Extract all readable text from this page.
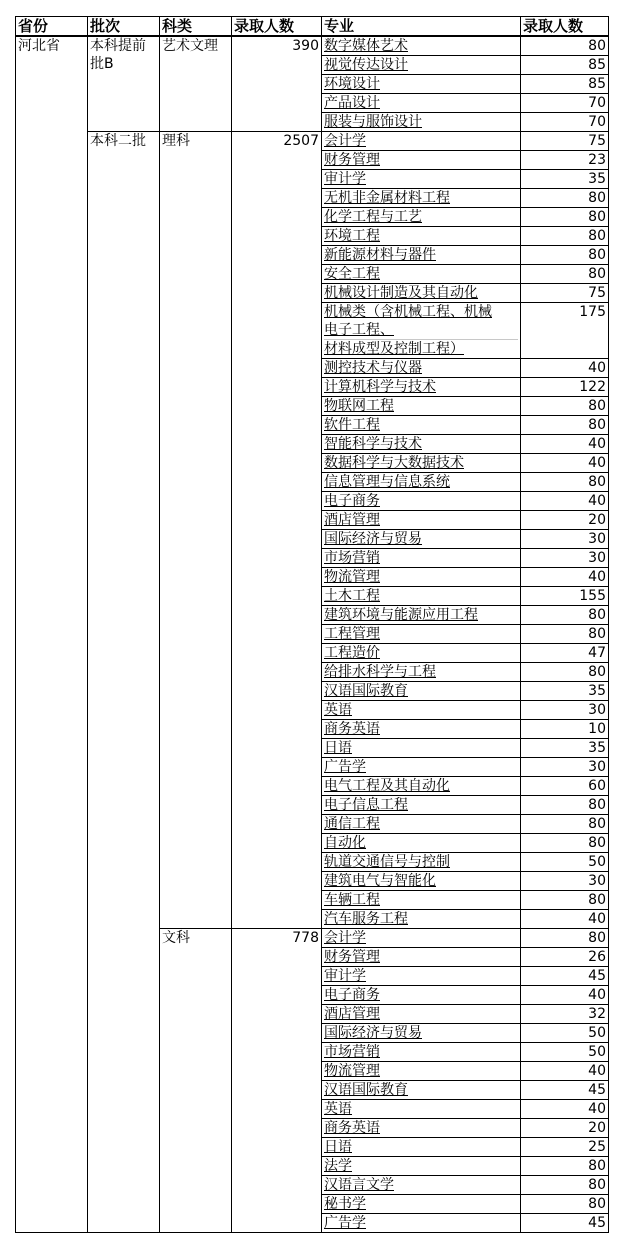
省份	批次	科类	录取人数	专业	录取人数
河北省	本科提前批B	艺术文理	390	数字媒体艺术	80
				视觉传达设计	85
				环境设计	85
				产品设计	70
				服装与服饰设计	70
	本科二批	理科	2507	会计学	75
				财务管理	23
				审计学	35
				无机非金属材料工程	80
				化学工程与工艺	80
				环境工程	80
				新能源材料与器件	80
				安全工程	80
				机械设计制造及其自动化	75

				机械类（含机械工程、机械
电子工程、
材料成型及控制工程）	175
				测控技术与仪器	40
				计算机科学与技术	122
				物联网工程	80
				软件工程	80
				智能科学与技术	40
				数据科学与大数据技术	40
				信息管理与信息系统	80
				电子商务	40
				酒店管理	20
				国际经济与贸易	30
				市场营销	30
				物流管理	40
				土木工程	155
				建筑环境与能源应用工程	80
				工程管理	80
				工程造价	47
				给排水科学与工程	80
				汉语国际教育	35
				英语	30
				商务英语	10
				日语	35
				广告学	30
				电气工程及其自动化	60
				电子信息工程	80
				通信工程	80
				自动化	80
				轨道交通信号与控制	50
				建筑电气与智能化	30
				车辆工程	80
				汽车服务工程	40
		文科	778	会计学	80
				财务管理	26
				审计学	45
				电子商务	40
				酒店管理	32
				国际经济与贸易	50
				市场营销	50
				物流管理	40
				汉语国际教育	45
				英语	40
				商务英语	20
				日语	25
				法学	80
				汉语言文学	80
				秘书学	80
				广告学	45
